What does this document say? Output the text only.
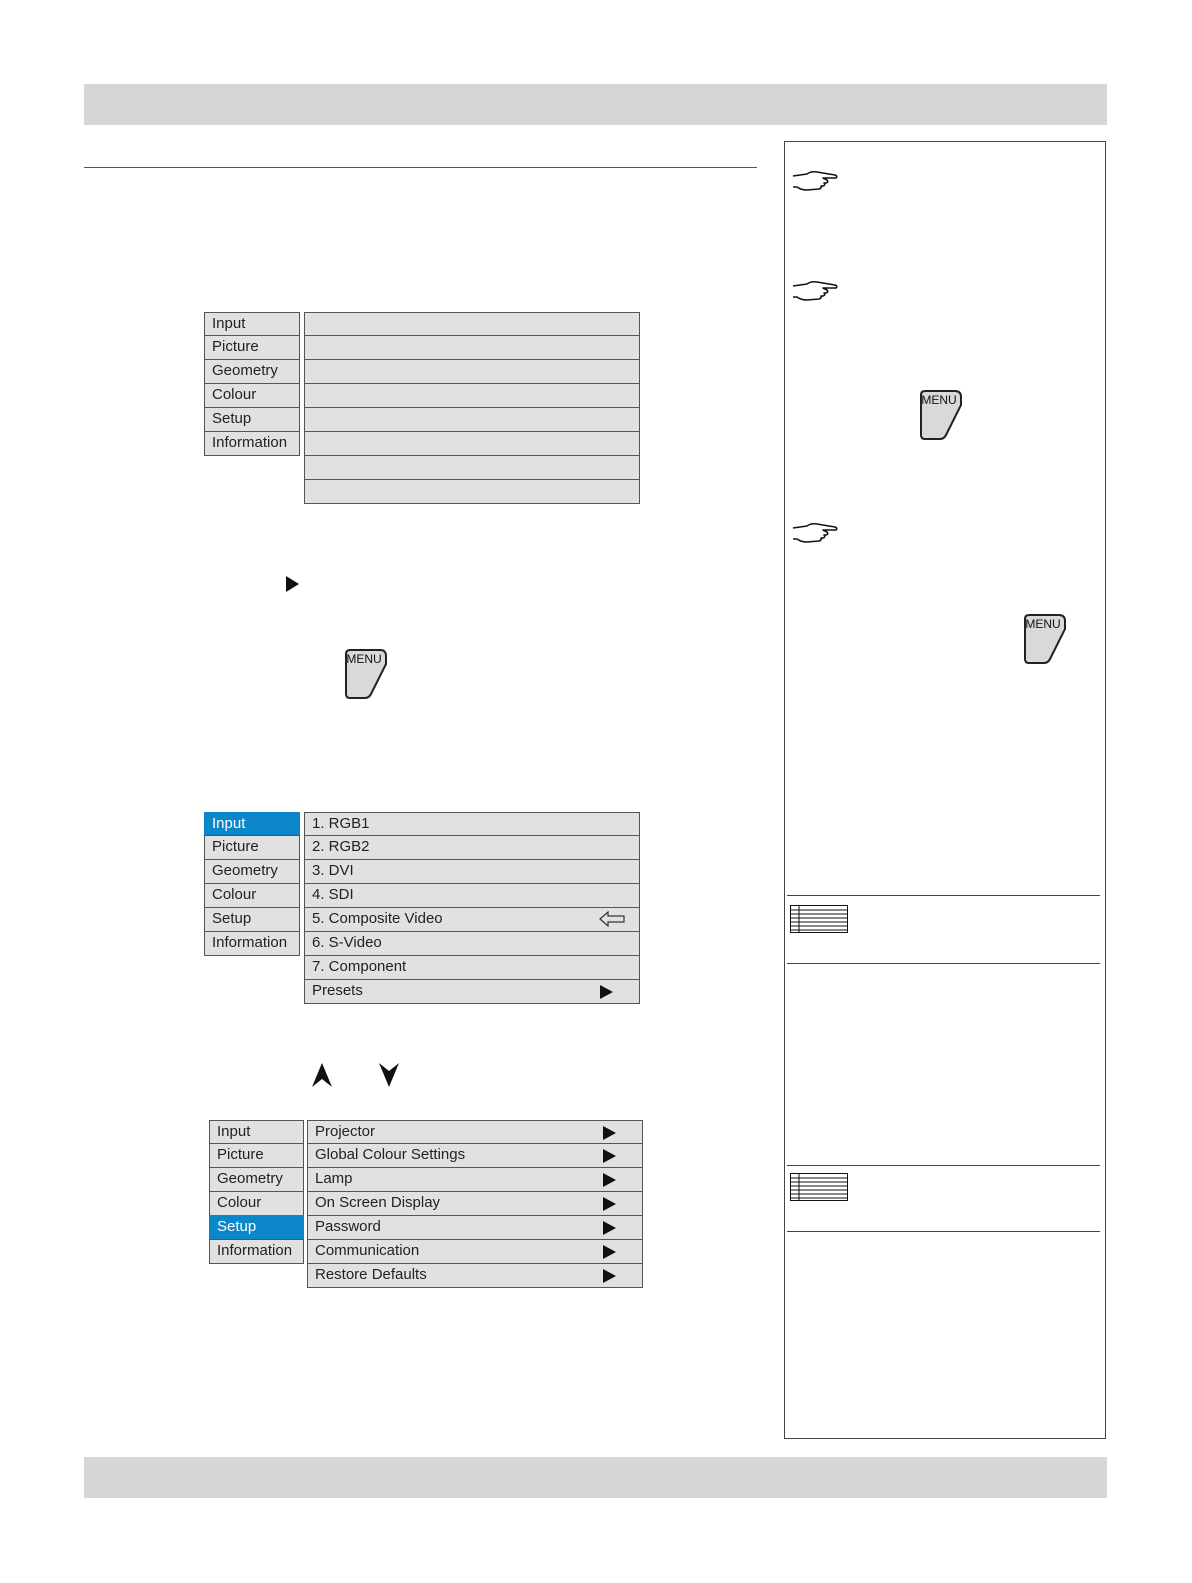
Input
Picture
Geometry
Colour
Setup
Information
MENU
Input
Picture
Geometry
Colour
Setup
Information
1. RGB1
2. RGB2
3. DVI
4. SDI
5. Composite Video
6. S-Video
7. Component
Presets
Input
Picture
Geometry
Colour
Setup
Information
Projector
Global Colour Settings
Lamp
On Screen Display
Password
Communication
Restore Defaults
MENU
MENU
